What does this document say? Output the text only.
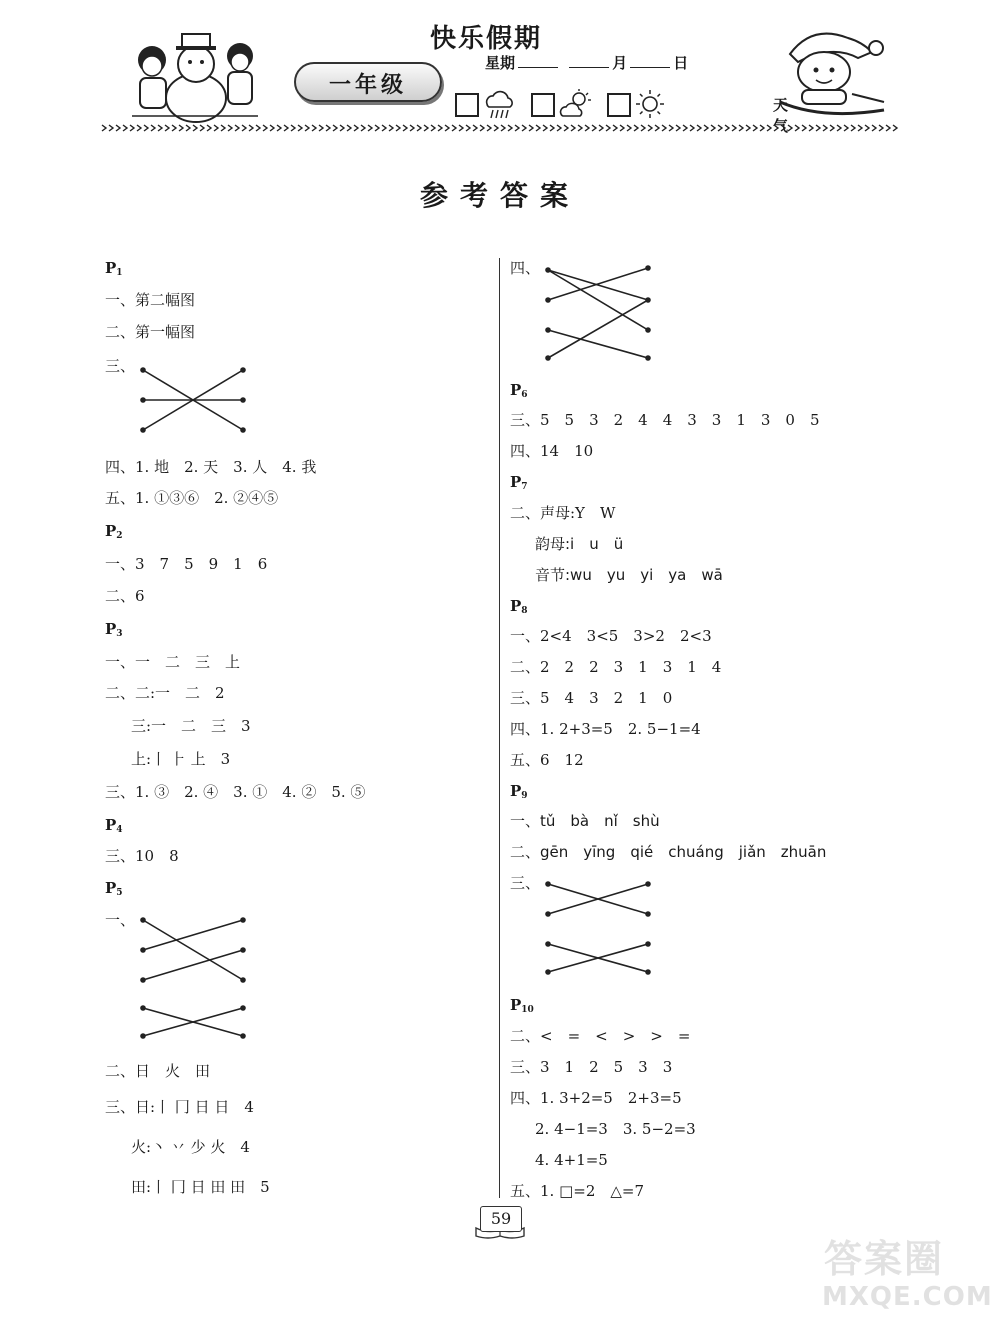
一年级
快乐假期
星期	月	日
天气
参考答案
$P_1$
一、第二幅图
二、第一幅图
三、
四、1. 地　2. 天　3. 人　4. 我
五、1. ①③⑥　2. ②④⑤
$P_2$
一、3　7　5　9　1　6
二、6
$P_3$
一、一　二　三　上
二、二:一　二　2
三:一　二　三　3
上:丨 ⺊ 上　3
三、1. ③　2. ④　3. ①　4. ②　5. ⑤
$P_4$
三、10　8
$P_5$
一、
二、日　火　田
三、日:丨 冂 日 日　4
火:丶 丷 少 火　4
田:丨 冂 日 田 田　5
四、
$P_6$
三、5　5　3　2　4　4　3　3　1　3　0　5
四、14　10
$P_7$
二、声母:Y　W
韵母:i　u　ü
音节:wu　yu　yi　ya　wā
$P_8$
一、2<4　3<5　3>2　2<3
二、2　2　2　3　1　3　1　4
三、5　4　3　2　1　0
四、1. 2+3=5　2. 5−1=4
五、6　12
$P_9$
一、tǔ　bà　nǐ　shù
二、gēn　yīng　qié　chuáng　jiǎn　zhuān
三、
$P_{10}$
二、<　=　<　>　>　=
三、3　1　2　5　3　3
四、1. 3+2=5　2+3=5
2. 4−1=3　3. 5−2=3
4. 4+1=5
五、1. □=2　△=7
59
答案圈
MXQE.COM
